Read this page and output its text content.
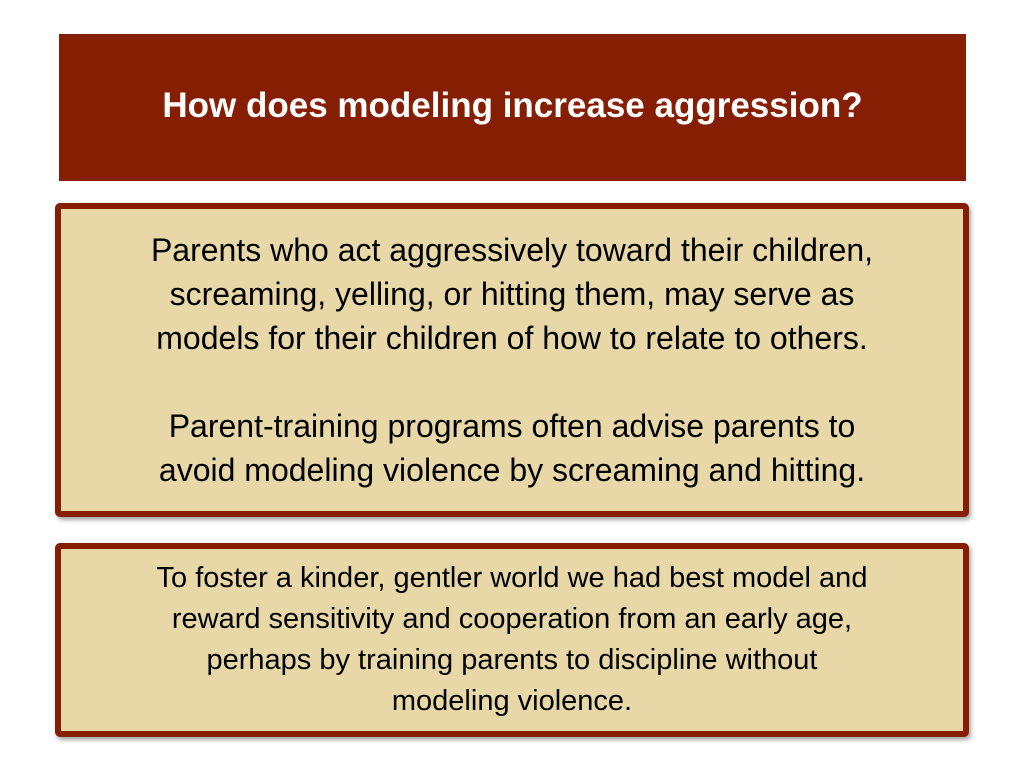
How does modeling increase aggression?
Parents who act aggressively toward their children,
screaming, yelling, or hitting them, may serve as
models for their children of how to relate to others.
Parent-training programs often advise parents to
avoid modeling violence by screaming and hitting.
To foster a kinder, gentler world we had best model and
reward sensitivity and cooperation from an early age,
perhaps by training parents to discipline without
modeling violence.
